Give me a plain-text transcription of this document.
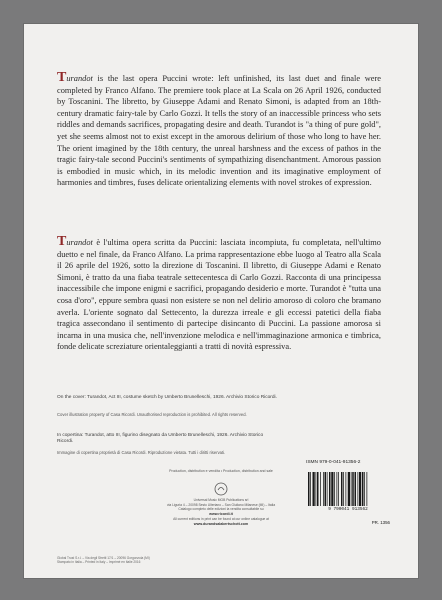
Turandot is the last opera Puccini wrote: left unfinished, its last duet and finale were completed by Franco Alfano. The premiere took place at La Scala on 26 April 1926, conducted by Toscanini. The libretto, by Giuseppe Adami and Renato Simoni, is adapted from an 18th-century dramatic fairy-tale by Carlo Gozzi. It tells the story of an inaccessible princess who sets riddles and demands sacrifices, propagating desire and death. Turandot is "a thing of pure gold", yet she seems almost not to exist except in the amorous delirium of those who long to have her. The orient imagined by the 18th century, the unreal harshness and the excess of pathos in the tragic fairy-tale second Puccini's sentiments of sympathizing disenchantment. Amorous passion is embodied in music which, in its melodic invention and its imaginative employment of harmonies and timbres, fuses delicate orientalizing elements with novel strokes of expression.

Turandot è l'ultima opera scritta da Puccini: lasciata incompiuta, fu completata, nell'ultimo duetto e nel finale, da Franco Alfano. La prima rappresentazione ebbe luogo al Teatro alla Scala il 26 aprile del 1926, sotto la direzione di Toscanini. Il libretto, di Giuseppe Adami e Renato Simoni, è tratto da una fiaba teatrale settecentesca di Carlo Gozzi. Racconta di una principessa inaccessibile che impone enigmi e sacrifici, propagando desiderio e morte. Turandot è "tutta una cosa d'oro", eppure sembra quasi non esistere se non nel delirio amoroso di coloro che bramano averla. L'oriente sognato dal Settecento, la durezza irreale e gli eccessi patetici della fiaba tragica assecondano il sentimento di partecipe disincanto di Puccini. La passione amorosa si incarna in una musica che, nell'invenzione melodica e nell'immaginazione armonica e timbrica, fonde delicate screziature orientaleggianti a tratti di novità espressiva.

On the cover: Turandot, Act III, costume sketch by Umberto Brunelleschi, 1926. Archivio Storico Ricordi.

Cover illustration property of Casa Ricordi. Unauthorised reproduction is prohibited. All rights reserved.

In copertina: Turandot, atto III, figurino disegnato da Umberto Brunelleschi, 1926. Archivio Storico Ricordi.

Immagine di copertina proprietà di Casa Ricordi. Riproduzione vietata. Tutti i diritti riservati.

Production, distribution e vendita • Production, distribution and sale
Universal Music MGB Publications srl
via Liguria 4 – 20098 Sesto Ulteriano – San Giuliano Milanese (MI) – Italia
Catalogo completo delle edizioni la vendita consultabile su
www.ricordi.it
All current editions in print can be found at our online catalogue at
www.durandsalabertschott.com
Global Trust S.r.l. – Via degli Stretti 17/1 – 20096 Gorgonzola (MI)
Stampato in Italia – Printed in Italy – Imprimé en Italie 2016
ISMN 979-0-041-91356-2
9 790041 913562
PR. 1356
